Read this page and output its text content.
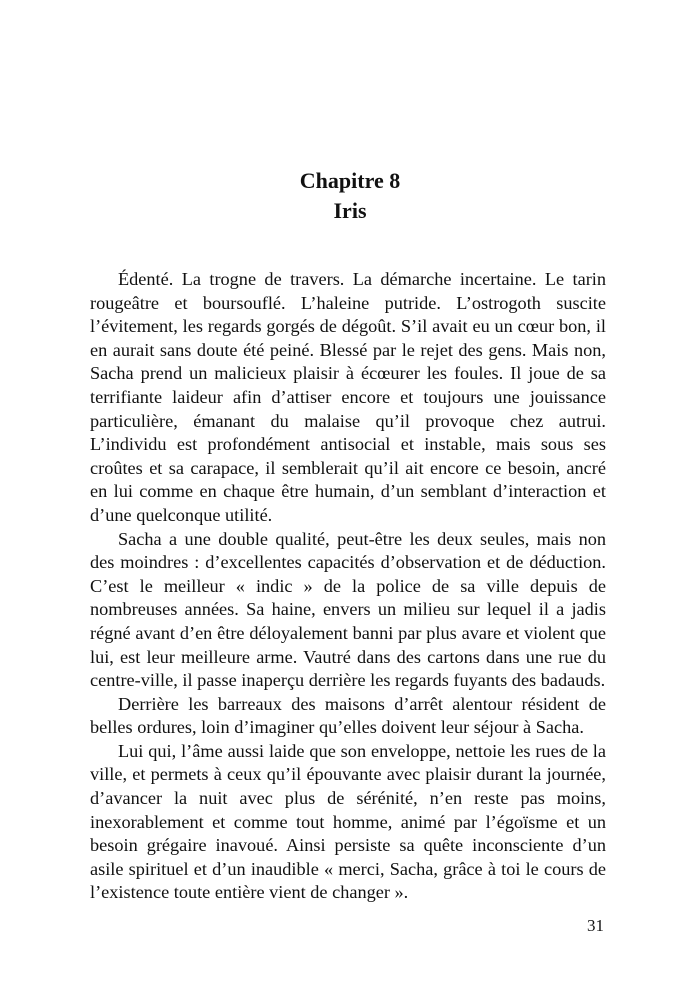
Chapitre 8
Iris

Édenté. La trogne de travers. La démarche incertaine. Le tarin rougeâtre et boursouflé. L’haleine putride. L’ostrogoth suscite l’évitement, les regards gorgés de dégoût. S’il avait eu un cœur bon, il en aurait sans doute été peiné. Blessé par le rejet des gens. Mais non, Sacha prend un malicieux plaisir à écœurer les foules. Il joue de sa terrifiante laideur afin d’attiser encore et toujours une jouissance particulière, émanant du malaise qu’il provoque chez autrui. L’individu est profondément antisocial et instable, mais sous ses croûtes et sa carapace, il semblerait qu’il ait encore ce besoin, ancré en lui comme en chaque être humain, d’un semblant d’interaction et d’une quelconque utilité.

Sacha a une double qualité, peut-être les deux seules, mais non des moindres : d’excellentes capacités d’observation et de déduction. C’est le meilleur « indic » de la police de sa ville depuis de nombreuses années. Sa haine, envers un milieu sur lequel il a jadis régné avant d’en être déloyalement banni par plus avare et violent que lui, est leur meilleure arme. Vautré dans des cartons dans une rue du centre-ville, il passe inaperçu derrière les regards fuyants des badauds.

Derrière les barreaux des maisons d’arrêt alentour résident de belles ordures, loin d’imaginer qu’elles doivent leur séjour à Sacha.

Lui qui, l’âme aussi laide que son enveloppe, nettoie les rues de la ville, et permets à ceux qu’il épouvante avec plaisir durant la journée, d’avancer la nuit avec plus de sérénité, n’en reste pas moins, inexorablement et comme tout homme, animé par l’égoïsme et un besoin grégaire inavoué. Ainsi persiste sa quête inconsciente d’un asile spirituel et d’un inaudible « merci, Sacha, grâce à toi le cours de l’existence toute entière vient de changer ».

31
